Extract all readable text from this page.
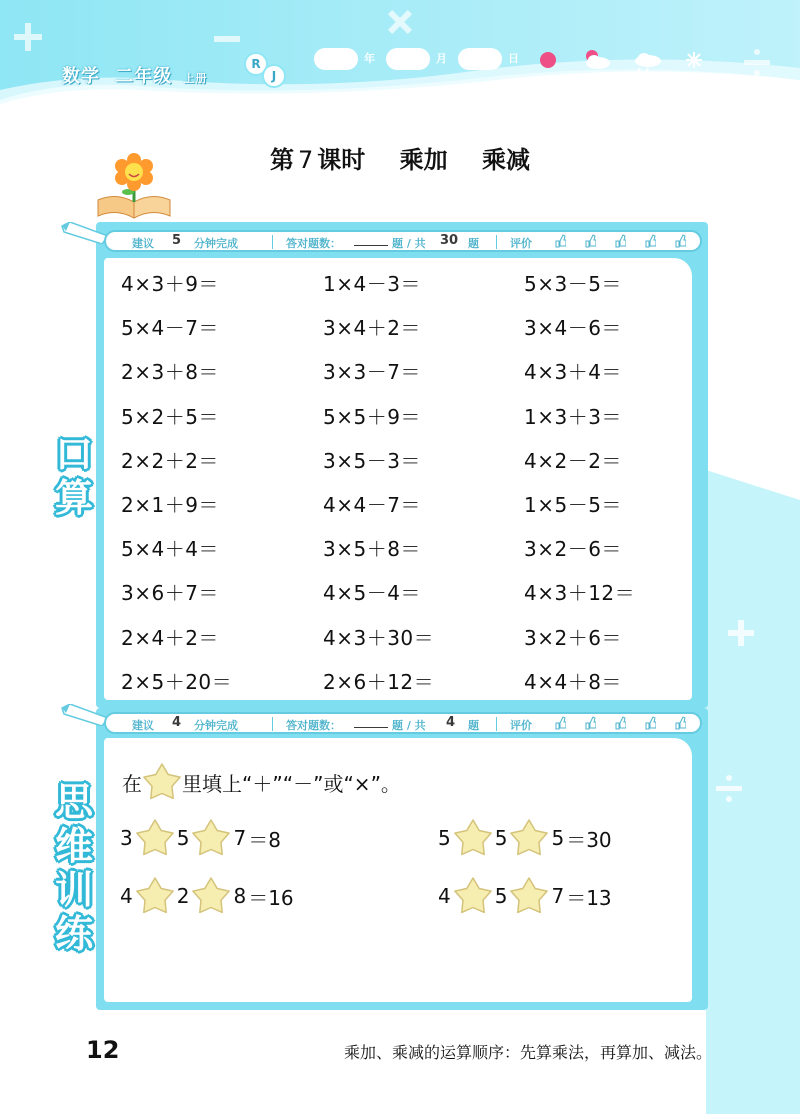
数学 二年级 上册
R
J
年	月	日
第 7 课时 乘加 乘减
建议 5 分钟完成	答对题数：	题 / 共 30 题	评价
口
算
4×3＋9＝	1×4－3＝	5×3－5＝
5×4－7＝	3×4＋2＝	3×4－6＝
2×3＋8＝	3×3－7＝	4×3＋4＝
5×2＋5＝	5×5＋9＝	1×3＋3＝
2×2＋2＝	3×5－3＝	4×2－2＝
2×1＋9＝	4×4－7＝	1×5－5＝
5×4＋4＝	3×5＋8＝	3×2－6＝
3×6＋7＝	4×5－4＝	4×3＋12＝
2×4＋2＝	4×3＋30＝	3×2＋6＝
2×5＋20＝	2×6＋12＝	4×4＋8＝
建议 4 分钟完成	答对题数：	题 / 共 4 题	评价
思
维
训
练
在 里填上“＋”“－”或“×”。
3 5 7 ＝8	5 5 5 ＝30
4 2 8 ＝16	4 5 7 ＝13
12	乘加、乘减的运算顺序：先算乘法，再算加、减法。
